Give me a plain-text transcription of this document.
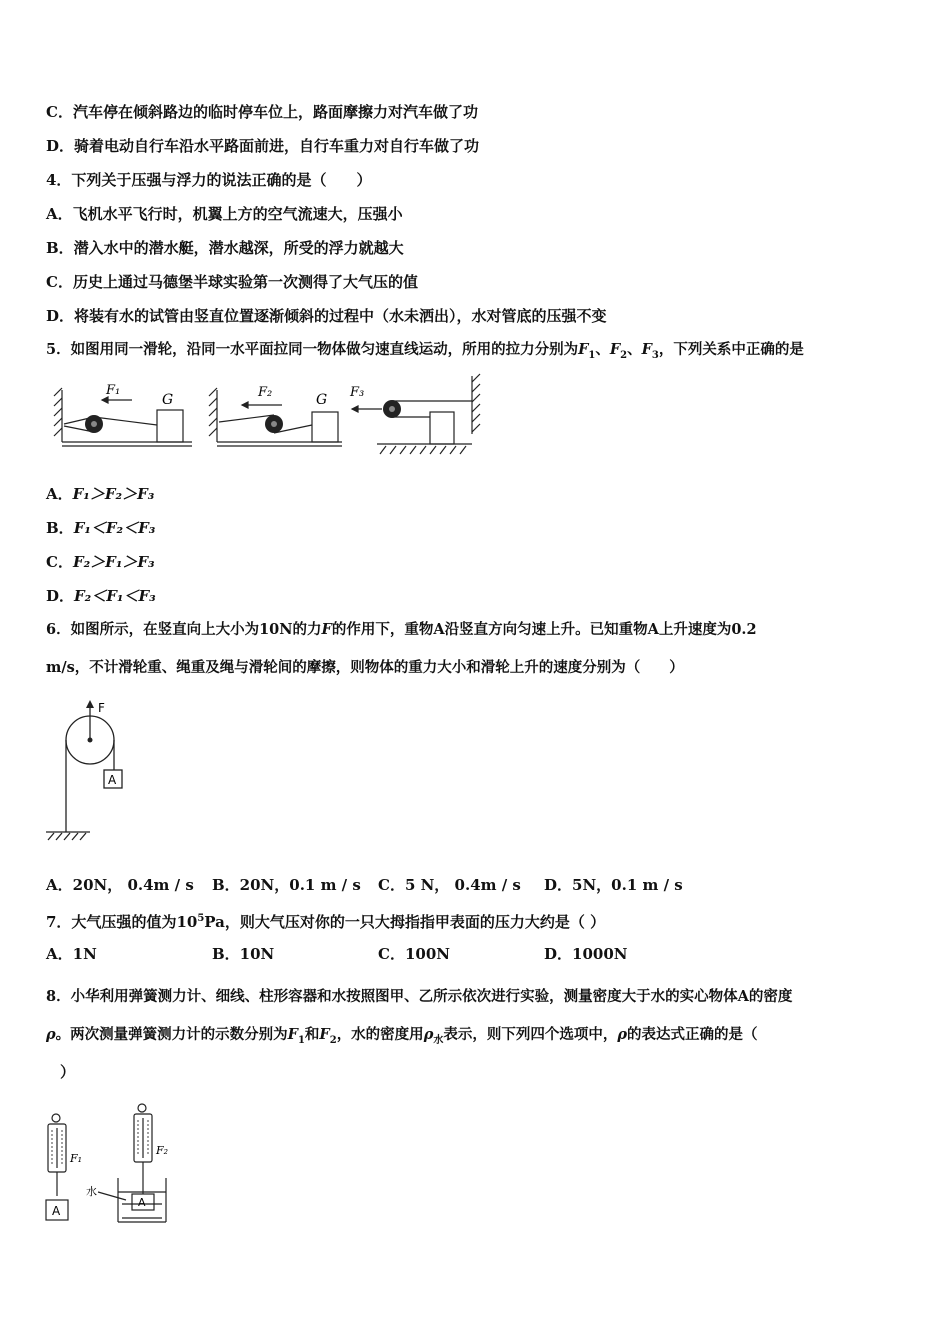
C．汽车停在倾斜路边的临时停车位上，路面摩擦力对汽车做了功
D．骑着电动自行车沿水平路面前进，自行车重力对自行车做了功
4．下列关于压强与浮力的说法正确的是（　　）
A．飞机水平飞行时，机翼上方的空气流速大，压强小
B．潜入水中的潜水艇，潜水越深，所受的浮力就越大
C．历史上通过马德堡半球实验第一次测得了大气压的值
D．将装有水的试管由竖直位置逐渐倾斜的过程中（水未洒出），水对管底的压强不变
5．如图用同一滑轮，沿同一水平面拉同一物体做匀速直线运动，所用的拉力分别为$F_1$、$F_2$、$F_3$，下列关系中正确的是
F₁
G	F₂	G F₃
A．F₁＞F₂＞F₃
B．F₁＜F₂＜F₃
C．F₂＞F₁＞F₃
D．F₂＜F₁＜F₃
6．如图所示，在竖直向上大小为10N的力F的作用下，重物A沿竖直方向匀速上升。已知重物A上升速度为0.2
m/s，不计滑轮重、绳重及绳与滑轮间的摩擦，则物体的重力大小和滑轮上升的速度分别为（　　）
F
A
A．20N， 0.4m / s B．20N，0.1 m / s C．5 N， 0.4m / s D．5N，0.1 m / s
7．大气压强的值为$10^5Pa$，则大气压对你的一只大拇指指甲表面的压力大约是（ ）
A．1N	B．10N	C．100N	D．1000N
8．小华利用弹簧测力计、细线、柱形容器和水按照图甲、乙所示依次进行实验，测量密度大于水的实心物体A的密度
ρ。两次测量弹簧测力计的示数分别为$F_1$和$F_2$，水的密度用$\rho_水$表示，则下列四个选项中，ρ的表达式正确的是（
）
F₁
F₂
水
A
A
